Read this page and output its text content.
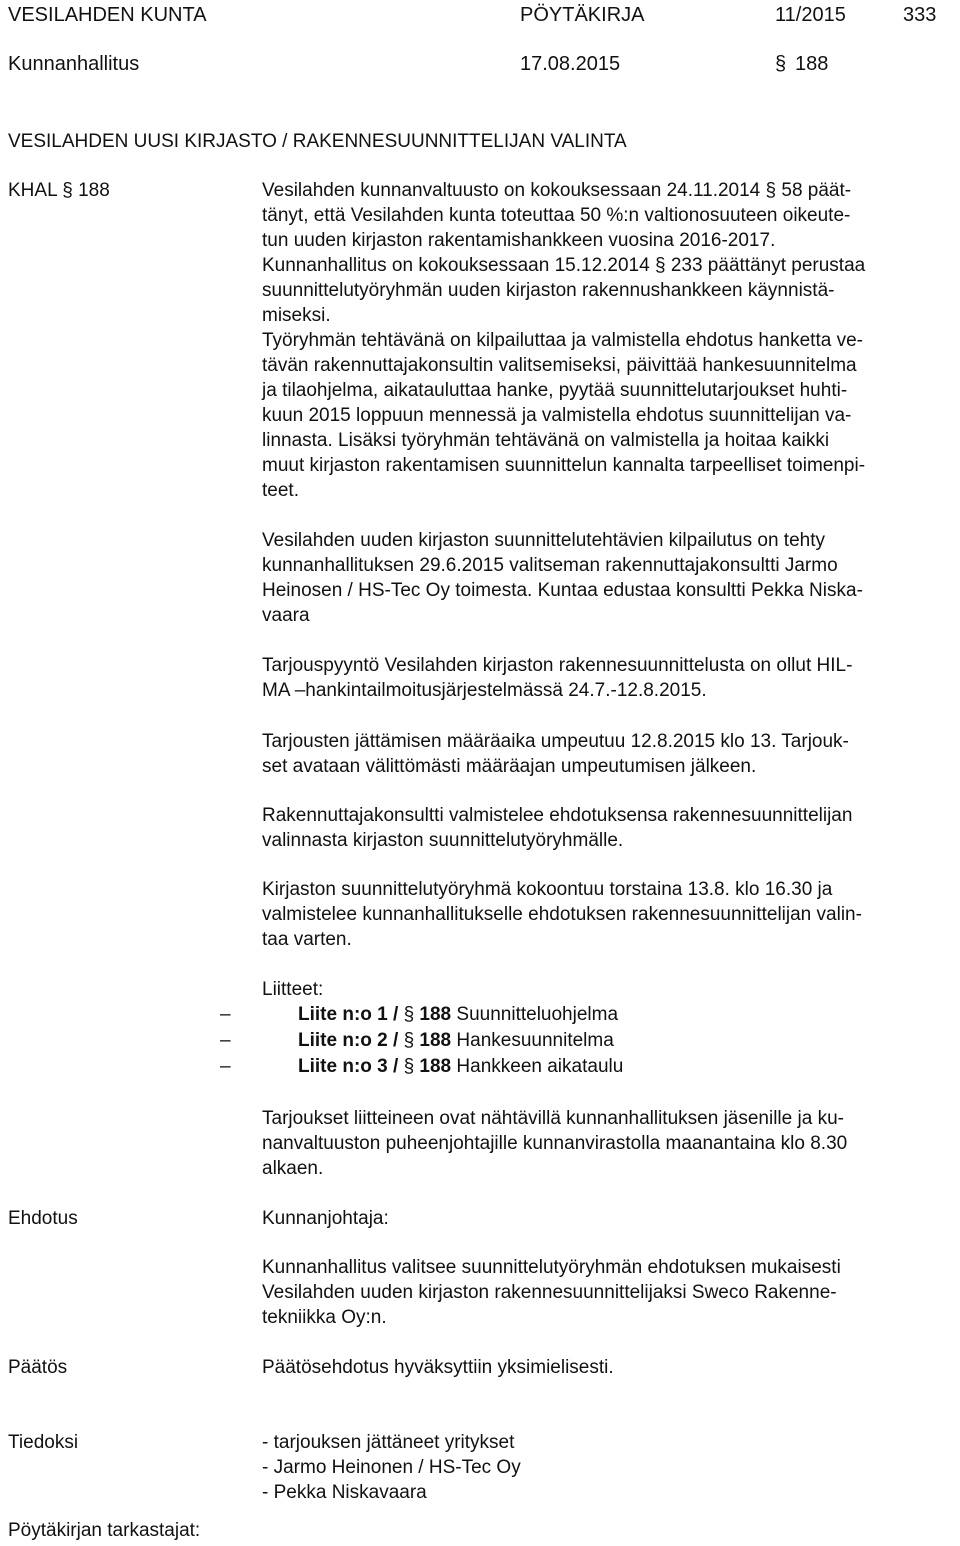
VESILAHDEN KUNTA	PÖYTÄKIRJA	11/2015	333
Kunnanhallitus	17.08.2015	§ 188
VESILAHDEN UUSI KIRJASTO / RAKENNESUUNNITTELIJAN VALINTA
KHAL § 188	Vesilahden kunnanvaltuusto on kokouksessaan 24.11.2014 § 58 päät-
tänyt, että Vesilahden kunta toteuttaa 50 %:n valtionosuuteen oikeute-
tun uuden kirjaston rakentamishankkeen vuosina 2016-2017.
Kunnanhallitus on kokouksessaan 15.12.2014 § 233 päättänyt perustaa
suunnittelutyöryhmän uuden kirjaston rakennushankkeen käynnistä-
miseksi.
Työryhmän tehtävänä on kilpailuttaa ja valmistella ehdotus hanketta ve-
tävän rakennuttajakonsultin valitsemiseksi, päivittää hankesuunnitelma
ja tilaohjelma, aikatauluttaa hanke, pyytää suunnittelutarjoukset huhti-
kuun 2015 loppuun mennessä ja valmistella ehdotus suunnittelijan va-
linnasta. Lisäksi työryhmän tehtävänä on valmistella ja hoitaa kaikki
muut kirjaston rakentamisen suunnittelun kannalta tarpeelliset toimenpi-
teet.
Vesilahden uuden kirjaston suunnittelutehtävien kilpailutus on tehty
kunnanhallituksen 29.6.2015 valitseman rakennuttajakonsultti Jarmo
Heinosen / HS-Tec Oy toimesta. Kuntaa edustaa konsultti Pekka Niska-
vaara
Tarjouspyyntö Vesilahden kirjaston rakennesuunnittelusta on ollut HIL-
MA –hankintailmoitusjärjestelmässä 24.7.-12.8.2015.
Tarjousten jättämisen määräaika umpeutuu 12.8.2015 klo 13. Tarjouk-
set avataan välittömästi määräajan umpeutumisen jälkeen.
Rakennuttajakonsultti valmistelee ehdotuksensa rakennesuunnittelijan
valinnasta kirjaston suunnittelutyöryhmälle.
Kirjaston suunnittelutyöryhmä kokoontuu torstaina 13.8. klo 16.30 ja
valmistelee kunnanhallitukselle ehdotuksen rakennesuunnittelijan valin-
taa varten.
Liitteet:
–	Liite n:o 1 / § 188 Suunnitteluohjelma
–	Liite n:o 2 / § 188 Hankesuunnitelma
–	Liite n:o 3 / § 188 Hankkeen aikataulu
Tarjoukset liitteineen ovat nähtävillä kunnanhallituksen jäsenille ja ku-
nanvaltuuston puheenjohtajille kunnanvirastolla maanantaina klo 8.30
alkaen.
Ehdotus	Kunnanjohtaja:
Kunnanhallitus valitsee suunnittelutyöryhmän ehdotuksen mukaisesti
Vesilahden uuden kirjaston rakennesuunnittelijaksi Sweco Rakenne-
tekniikka Oy:n.
Päätös	Päätösehdotus hyväksyttiin yksimielisesti.
Tiedoksi	- tarjouksen jättäneet yritykset
- Jarmo Heinonen / HS-Tec Oy
- Pekka Niskavaara
Pöytäkirjan tarkastajat:
